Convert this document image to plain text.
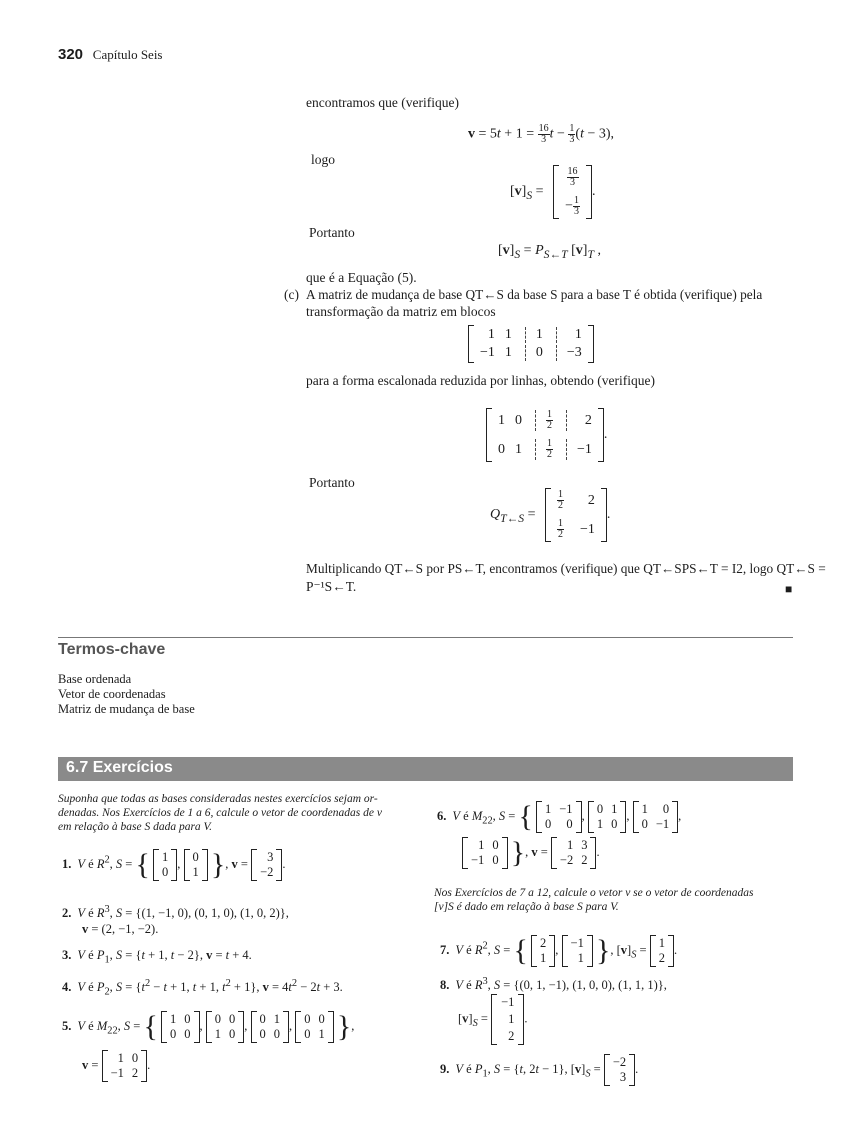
320 Capítulo Seis
encontramos que (verifique)
$v = 5t + 1 = \frac{16}{3}$ $t - \frac{1}{3} (t - 3)$,
logo
$[v]_S$ =
$\frac{16}{3}$
− $\frac{1}{3}$
.
Portanto
$[v]_S = P_{S\leftarrow T}$ $[v]_T$ ,
que é a Equação (5).
(c) A matriz de mudança de base QT←S da base S para a base T é obtida (verifique) pela
transformação da matriz em blocos
1 1 1 1
−1 1 0 −3
para a forma escalonada reduzida por linhas, obtendo (verifique)
1 $0 \frac{1}{2} 2$
0 $1 \frac{1}{2} -1$
.
Portanto
$Q_{T\leftarrow S}$ =
$\frac{1}{2} 2$
$\frac{1}{2} -1$
.
Multiplicando QT←S por PS←T, encontramos (verifique) que QT←SPS←T = I2, logo QT←S =
P⁻¹S←T.	■
Termos-chave
Base ordenada
Vetor de coordenadas
Matriz de mudança de base
6.7 Exercícios
Suponha que todas as bases consideradas nestes exercícios sejam or-
denadas. Nos Exercícios de 1 a 6, calcule o vetor de coordenadas de v
em relação à base S dada para V.
1. V é $R^2$, S = { 1
0
, 0
1 }, v = 3
−2
.
2. V é $R^3$, S = {(1, −1, 0), (0, 1, 0), (1, 0, 2)},
v = (2, −1, −2).
3. V é $P_1$, S = {t + 1, t − 2}, v = t + 4.
4. V é $P_2$, $S = \{t^2 - t + 1$, t + 1, $t^2 + 1$}, $v = 4t^2 - 2t + 3$.
5. V é $M_{22}$, S = { 1 0
0 0
, 0 0
1 0
, 0 1
0 0
, 0 0
0 1 },
v = 1 0
−1 2
.
6. V é $M_{22}$, S = { 1 −1
0 0
, 0 1
1 0
, 1 0
0 −1
,
1 0
−1 0 }, v = 1 3
−2 2
.
Nos Exercícios de 7 a 12, calcule o vetor v se o vetor de coordenadas
[v]S é dado em relação à base S para V.
7. V é $R^2$, S = { 2
1
, −1
1 }, $[v]_S = 1$
2
.
8. V é $R^3$, S = {(0, 1, −1), (1, 0, 0), (1, 1, 1)},
$[v]_S$ =
−1
1
2
.
9. V é $P_1$, S = {t, 2t − 1}, $[v]_S = -2$
3
.
